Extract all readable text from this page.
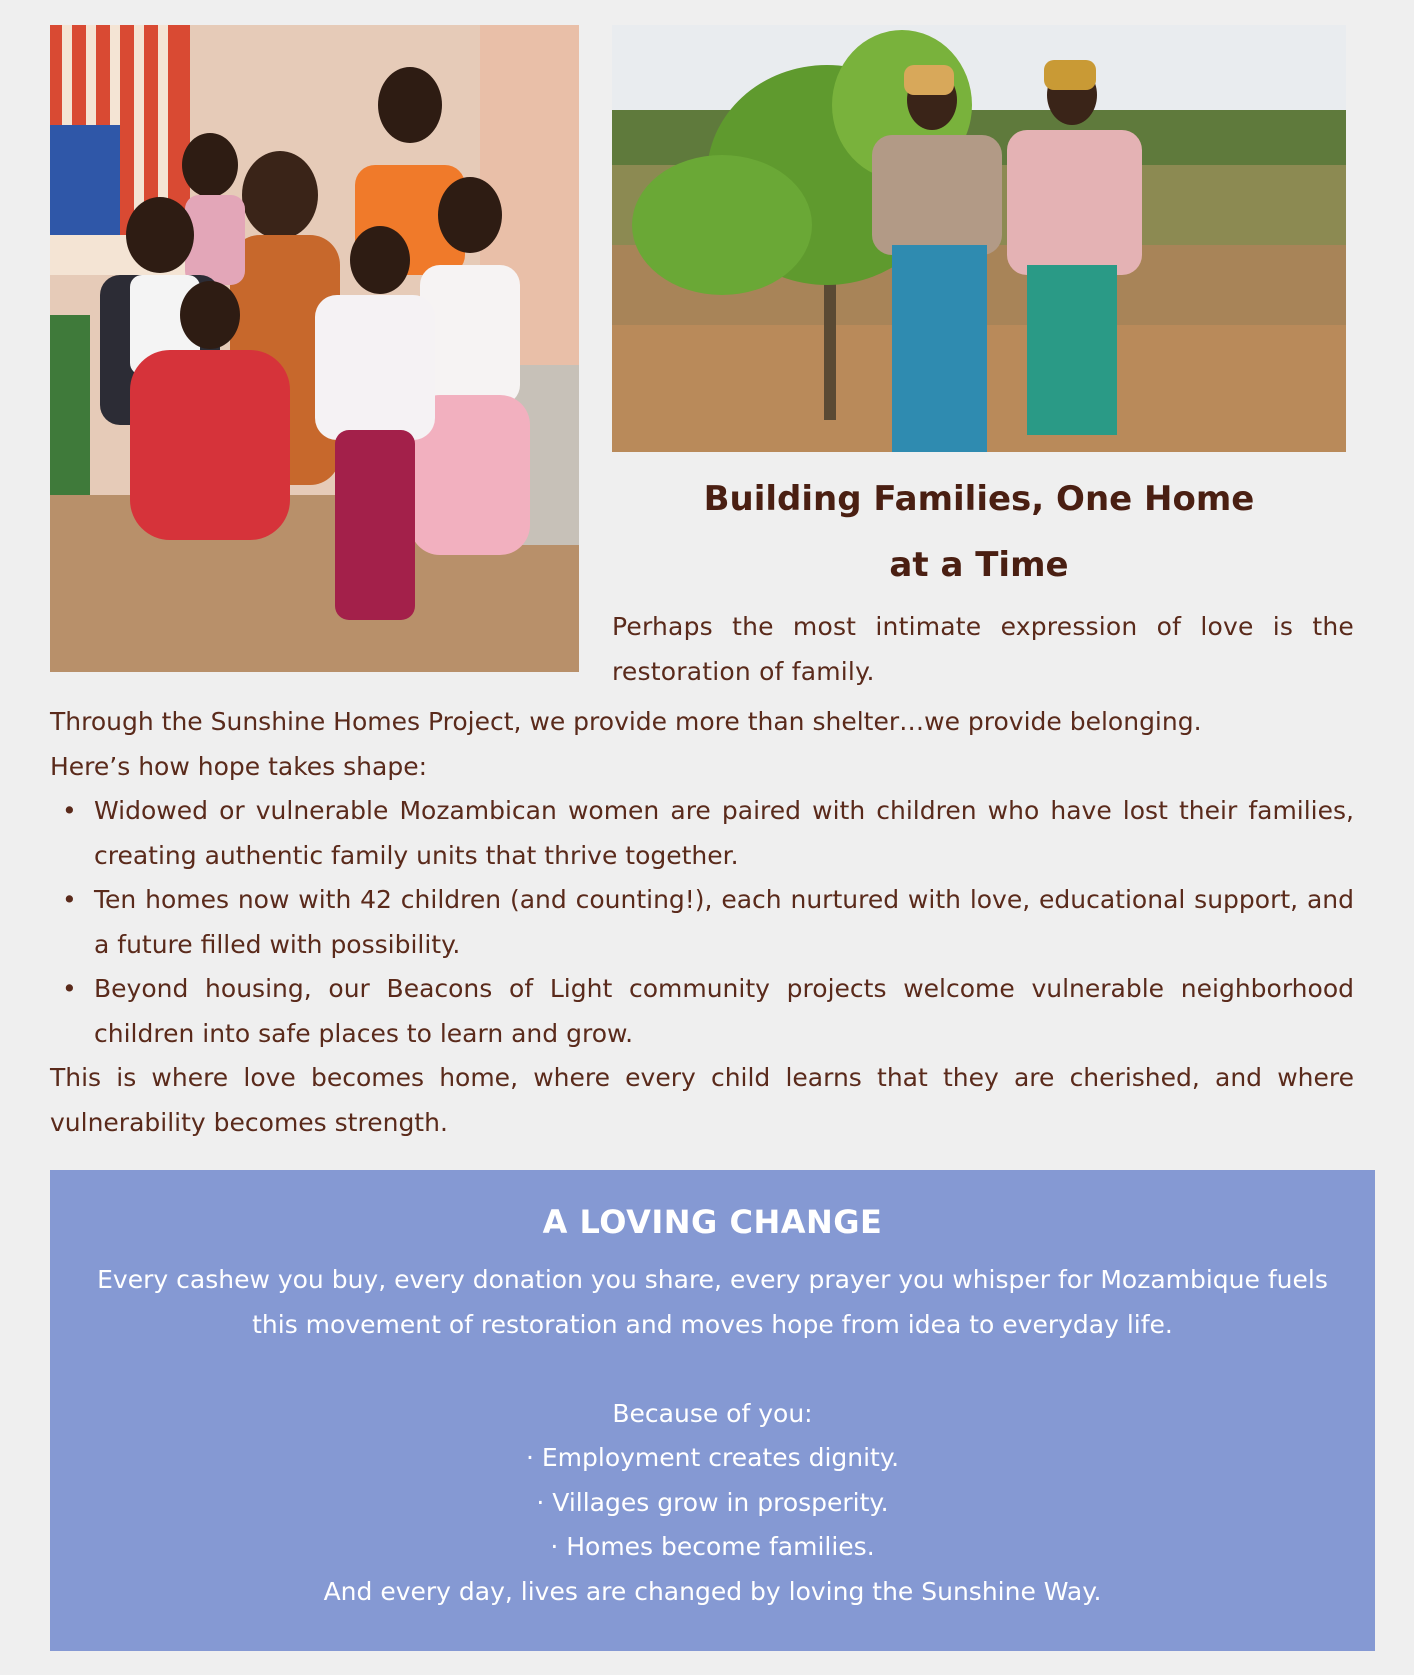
Building Families, One Home
at a Time
Perhaps the most intimate expression of love is the restoration of family.

Through the Sunshine Homes Project, we provide more than shelter…we provide belonging.

Here’s how hope takes shape:

• Widowed or vulnerable Mozambican women are paired with children who have lost their families, creating authentic family units that thrive together.
• Ten homes now with 42 children (and counting!), each nurtured with love, educational support, and a future filled with possibility.
• Beyond housing, our Beacons of Light community projects welcome vulnerable neighborhood children into safe places to learn and grow.

This is where love becomes home, where every child learns that they are cherished, and where vulnerability becomes strength.

A LOVING CHANGE

Every cashew you buy, every donation you share, every prayer you whisper for Mozambique fuels this movement of restoration and moves hope from idea to everyday life.

Because of you:

· Employment creates dignity.
· Villages grow in prosperity.
· Homes become families.

And every day, lives are changed by loving the Sunshine Way.
